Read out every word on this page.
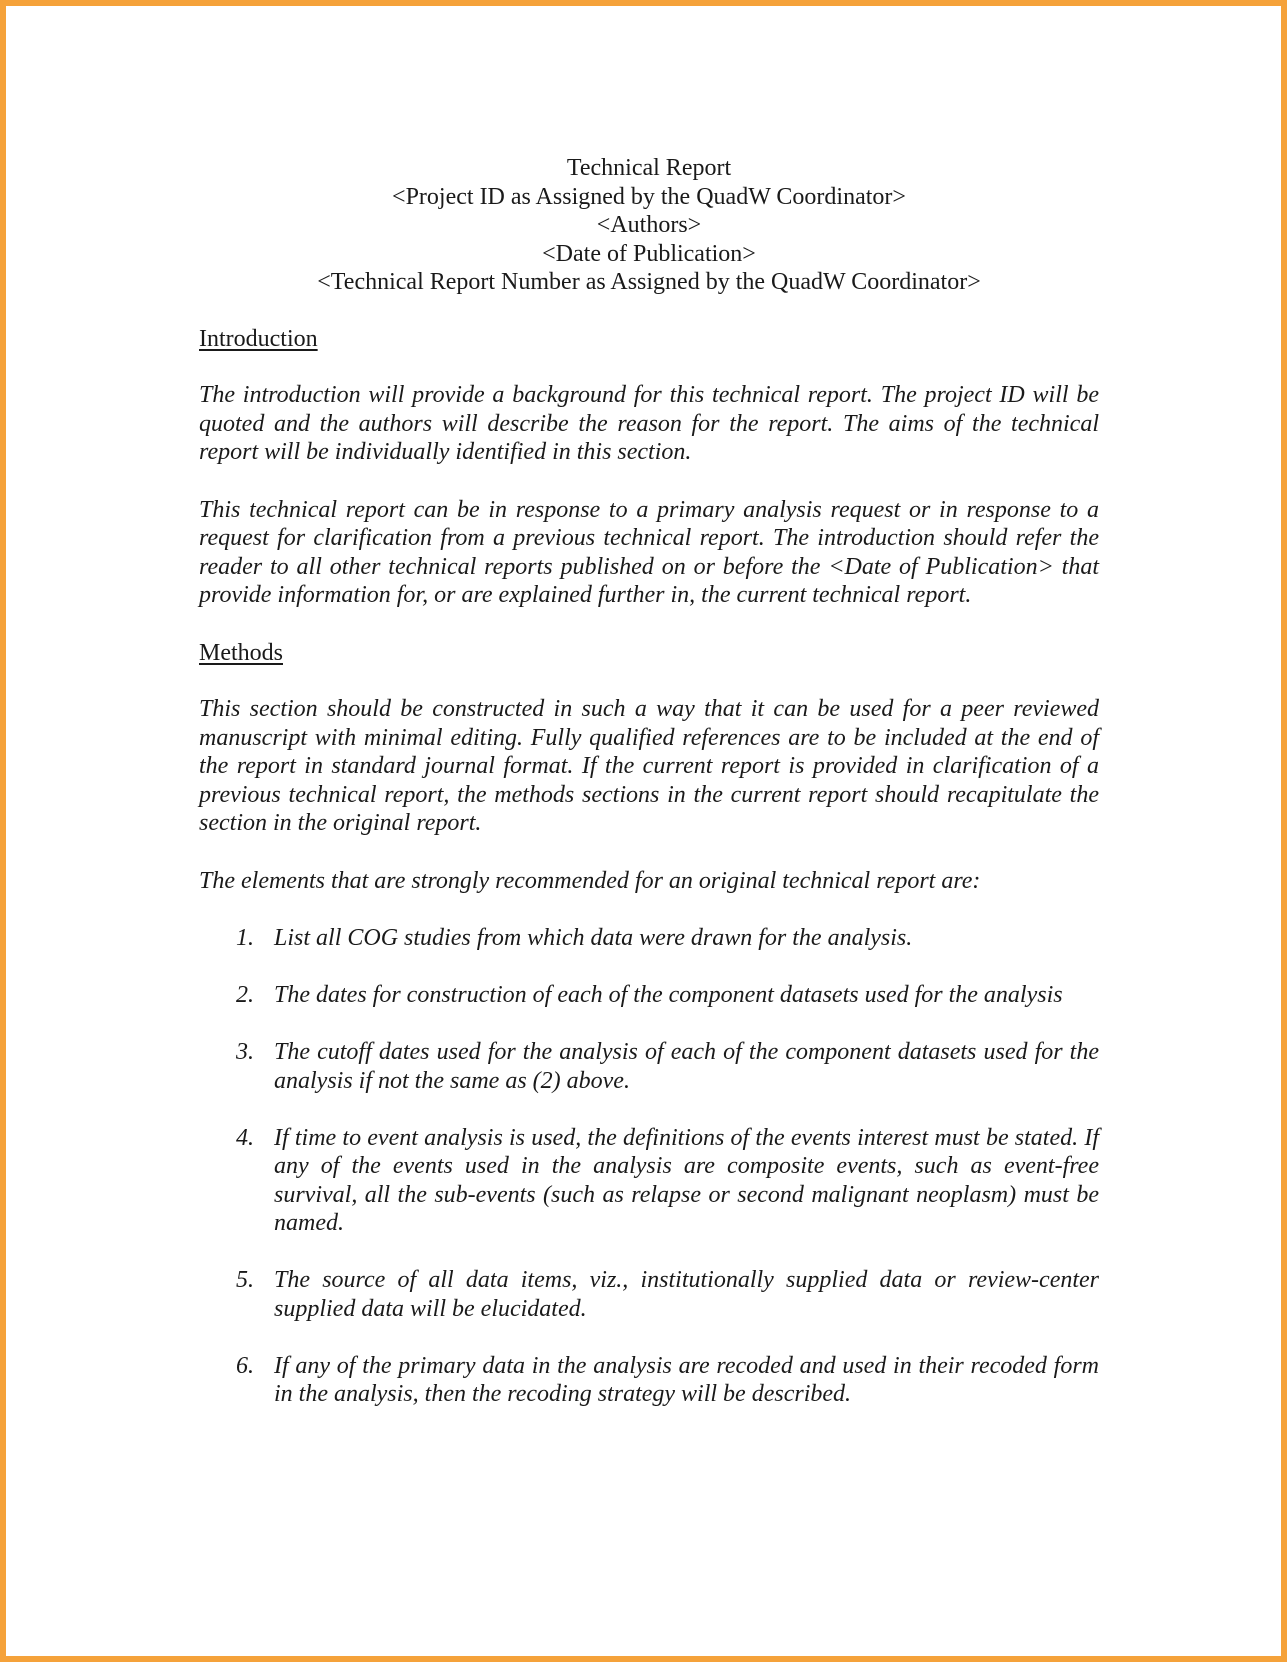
Technical Report
<Project ID as Assigned by the QuadW Coordinator>
<Authors>
<Date of Publication>
<Technical Report Number as Assigned by the QuadW Coordinator>
Introduction

The introduction will provide a background for this technical report. The project ID will be quoted and the authors will describe the reason for the report. The aims of the technical report will be individually identified in this section.

This technical report can be in response to a primary analysis request or in response to a request for clarification from a previous technical report. The introduction should refer the reader to all other technical reports published on or before the <Date of Publication> that provide information for, or are explained further in, the current technical report.

Methods

This section should be constructed in such a way that it can be used for a peer reviewed manuscript with minimal editing. Fully qualified references are to be included at the end of the report in standard journal format. If the current report is provided in clarification of a previous technical report, the methods sections in the current report should recapitulate the section in the original report.

The elements that are strongly recommended for an original technical report are:

1. List all COG studies from which data were drawn for the analysis.
2. The dates for construction of each of the component datasets used for the analysis
3. The cutoff dates used for the analysis of each of the component datasets used for the analysis if not the same as (2) above.
4. If time to event analysis is used, the definitions of the events interest must be stated. If any of the events used in the analysis are composite events, such as event-free survival, all the sub-events (such as relapse or second malignant neoplasm) must be named.
5. The source of all data items, viz., institutionally supplied data or review-center supplied data will be elucidated.
6. If any of the primary data in the analysis are recoded and used in their recoded form in the analysis, then the recoding strategy will be described.
